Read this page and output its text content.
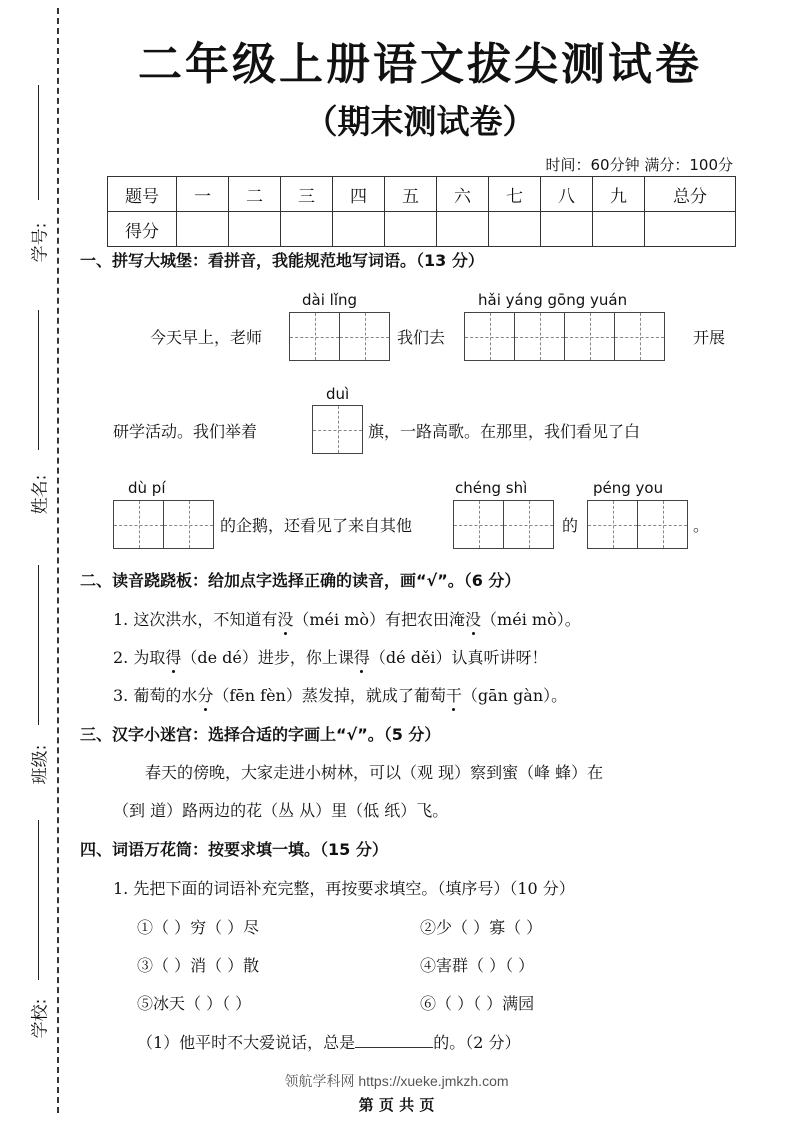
学号:
姓名:
班级:
学校:
二年级上册语文拔尖测试卷
（期末测试卷）
时间：60分钟 满分：100分
题号	一	二	三	四	五	六	七	八	九	总分
得分										
一、拼写大城堡：看拼音，我能规范地写词语。（13 分）
dài lǐng	hǎi yáng gōng yuán
今天早上，老师	我们去	开展
duì
研学活动。我们举着	旗，一路高歌。在那里，我们看见了白
dù pí
的企鹅，还看见了来自其他
chéng shì
的
péng you
。
二、读音跷跷板：给加点字选择正确的读音，画“√”。（6 分）
1. 这次洪水，不知道有没（méi mò）有把农田淹没（méi mò）。
2. 为取得（de dé）进步，你上课得（dé děi）认真听讲呀！
3. 葡萄的水分（fēn fèn）蒸发掉，就成了葡萄干（gān gàn）。
三、汉字小迷宫：选择合适的字画上“√”。（5 分）
春天的傍晚，大家走进小树林，可以（观 现）察到蜜（峰 蜂）在
（到 道）路两边的花（丛 从）里（低 纸）飞。
四、词语万花筒：按要求填一填。（15 分）
1. 先把下面的词语补充完整，再按要求填空。（填序号）（10 分）
①（ ）穷（ ）尽	②少（ ）寡（ ）
③（ ）消（ ）散	④害群（ ）（ ）
⑤冰天（ ）（ ）	⑥（ ）（ ）满园
（1）他平时不大爱说话，总是	的。（2 分）
领航学科网 https://xueke.jmkzh.com
第 页 共 页
